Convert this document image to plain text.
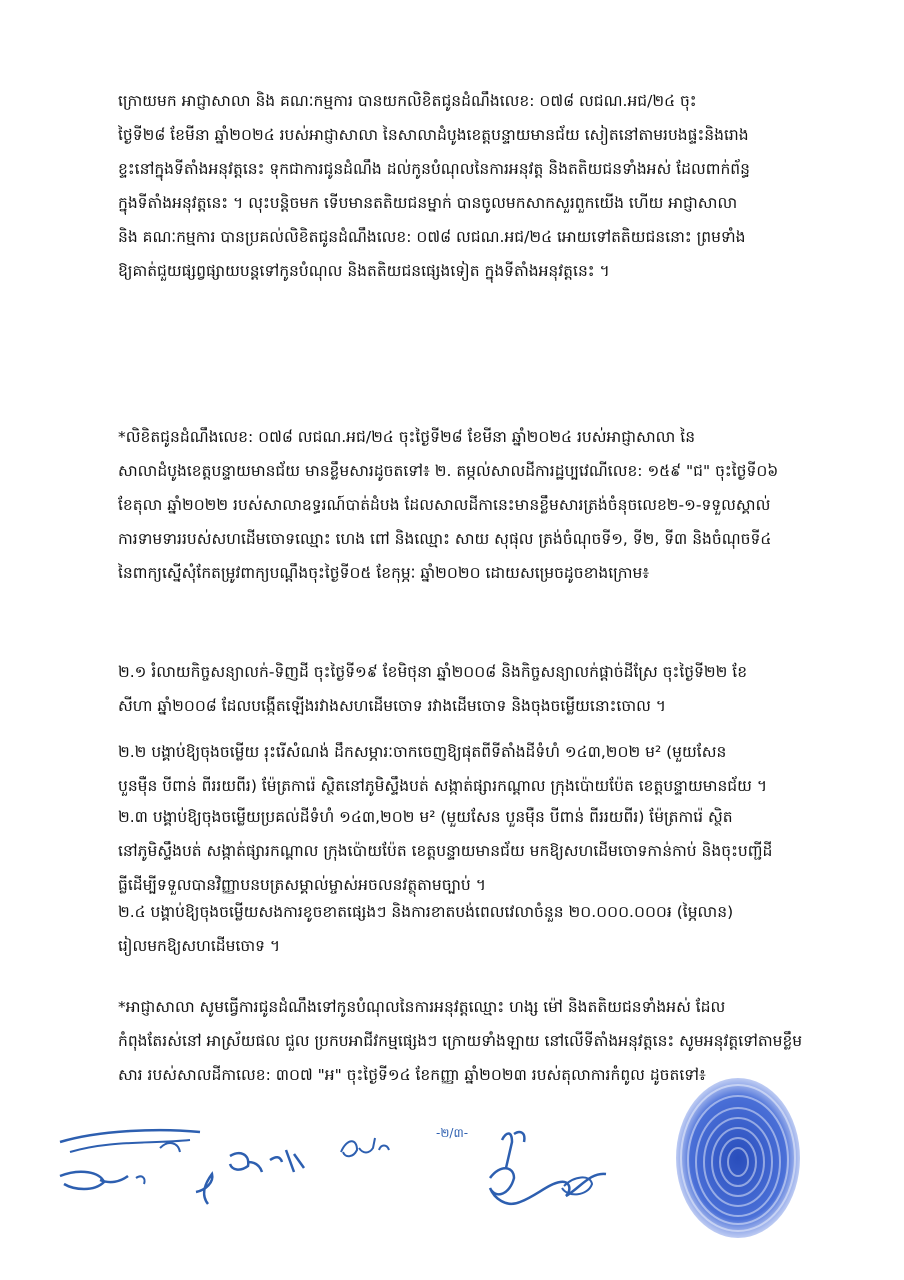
ក្រោយមក អាជ្ញាសាលា និង គណៈកម្មការ បានយកលិខិតជូនដំណឹងលេខ: ០៧៨ លជណ.អជ/២៤ ចុះ
ថ្ងៃទី២៨ ខែមីនា ឆ្នាំ២០២៤ របស់អាជ្ញាសាលា នៃសាលាដំបូងខេត្តបន្ទាយមានជ័យ សៀតនៅតាមរបងផ្ទះនិងរោង
ខ្ទះនៅក្នុងទីតាំងអនុវត្តនេះ ទុកជាការជូនដំណឹង ដល់កូនបំណុលនៃការអនុវត្ត និងតតិយជនទាំងអស់ ដែលពាក់ព័ន្ធ
ក្នុងទីតាំងអនុវត្តនេះ ។ លុះបន្តិចមក ទើបមានតតិយជនម្នាក់ បានចូលមកសាកសួរពួកយើង ហើយ អាជ្ញាសាលា
និង គណៈកម្មការ បានប្រគល់លិខិតជូនដំណឹងលេខ: ០៧៨ លជណ.អជ/២៤ អោយទៅតតិយជននោះ ព្រមទាំង
ឱ្យគាត់ជួយផ្សព្វផ្សាយបន្តទៅកូនបំណុល និងតតិយជនផ្សេងទៀត ក្នុងទីតាំងអនុវត្តនេះ ។
*លិខិតជូនដំណឹងលេខ: ០៧៨ លជណ.អជ/២៤ ចុះថ្ងៃទី២៨ ខែមីនា ឆ្នាំ២០២៤ របស់អាជ្ញាសាលា នៃ
សាលាដំបូងខេត្តបន្ទាយមានជ័យ មានខ្លឹមសារដូចតទៅ៖ ២. តម្កល់សាលដីការដ្ឋប្បវេណីលេខ: ១៥៩ "ជ" ចុះថ្ងៃទី០៦
ខែតុលា ឆ្នាំ២០២២ របស់សាលាឧទ្ធរណ៍បាត់ដំបង ដែលសាលដីកានេះមានខ្លឹមសារត្រង់ចំនុចលេខ២-១-ទទួលស្គាល់
ការទាមទាររបស់សហដើមចោទឈ្មោះ ហេង ពៅ និងឈ្មោះ សាយ សុផុល ត្រង់ចំណុចទី១, ទី២, ទី៣ និងចំណុចទី៤
នៃពាក្យស្នើសុំកែតម្រូវពាក្យបណ្តឹងចុះថ្ងៃទី០៥ ខែកុម្ភៈ ឆ្នាំ២០២០ ដោយសម្រេចដូចខាងក្រោម៖
២.១ រំលាយកិច្ចសន្យាលក់-ទិញដី ចុះថ្ងៃទី១៩ ខែមិថុនា ឆ្នាំ២០០៨ និងកិច្ចសន្យាលក់ផ្តាច់ដីស្រែ ចុះថ្ងៃទី២២ ខែ
សីហា ឆ្នាំ២០០៨ ដែលបង្កើតឡើងរវាងសហដើមចោទ រវាងដើមចោទ និងចុងចម្លើយនោះចោល ។
២.២ បង្គាប់ឱ្យចុងចម្លើយ រុះរើសំណង់ ដឹកសម្ភារៈចាកចេញឱ្យផុតពីទីតាំងដីទំហំ ១៤៣,២០២ ម² (មួយសែន
បួនម៉ឺន បីពាន់ ពីររយពីរ) ម៉ែត្រការ៉េ ស្ថិតនៅភូមិស្ទឹងបត់ សង្កាត់ផ្សារកណ្តាល ក្រុងប៉ោយប៉ែត ខេត្តបន្ទាយមានជ័យ ។
២.៣ បង្គាប់ឱ្យចុងចម្លើយប្រគល់ដីទំហំ ១៤៣,២០២ ម² (មួយសែន បួនម៉ឺន បីពាន់ ពីររយពីរ) ម៉ែត្រការ៉េ ស្ថិត
នៅភូមិស្ទឹងបត់ សង្កាត់ផ្សារកណ្តាល ក្រុងប៉ោយប៉ែត ខេត្តបន្ទាយមានជ័យ មកឱ្យសហដើមចោទកាន់កាប់ និងចុះបញ្ជីដី
ធ្លីដើម្បីទទួលបានវិញ្ញាបនបត្រសម្គាល់ម្ចាស់អចលនវត្ថុតាមច្បាប់ ។
២.៤ បង្គាប់ឱ្យចុងចម្លើយសងការខូចខាតផ្សេងៗ និងការខាតបង់ពេលវេលាចំនួន ២០.០០០.០០០៛ (ម្ភៃលាន)
រៀលមកឱ្យសហដើមចោទ ។
*អាជ្ញាសាលា សូមធ្វើការជូនដំណឹងទៅកូនបំណុលនៃការអនុវត្តឈ្មោះ ហង្ស ម៉ៅ និងតតិយជនទាំងអស់ ដែល
កំពុងតែរស់នៅ អាស្រ័យផល ជួល ប្រកបអាជីវកម្មផ្សេងៗ ក្រោយទាំងឡាយ នៅលើទីតាំងអនុវត្តនេះ សូមអនុវត្តទៅតាមខ្លឹម
សារ របស់សាលដីកាលេខ: ៣០៧ "អ" ចុះថ្ងៃទី១៤ ខែកញ្ញា ឆ្នាំ២០២៣ របស់តុលាការកំពូល ដូចតទៅ៖
-២/៣-
